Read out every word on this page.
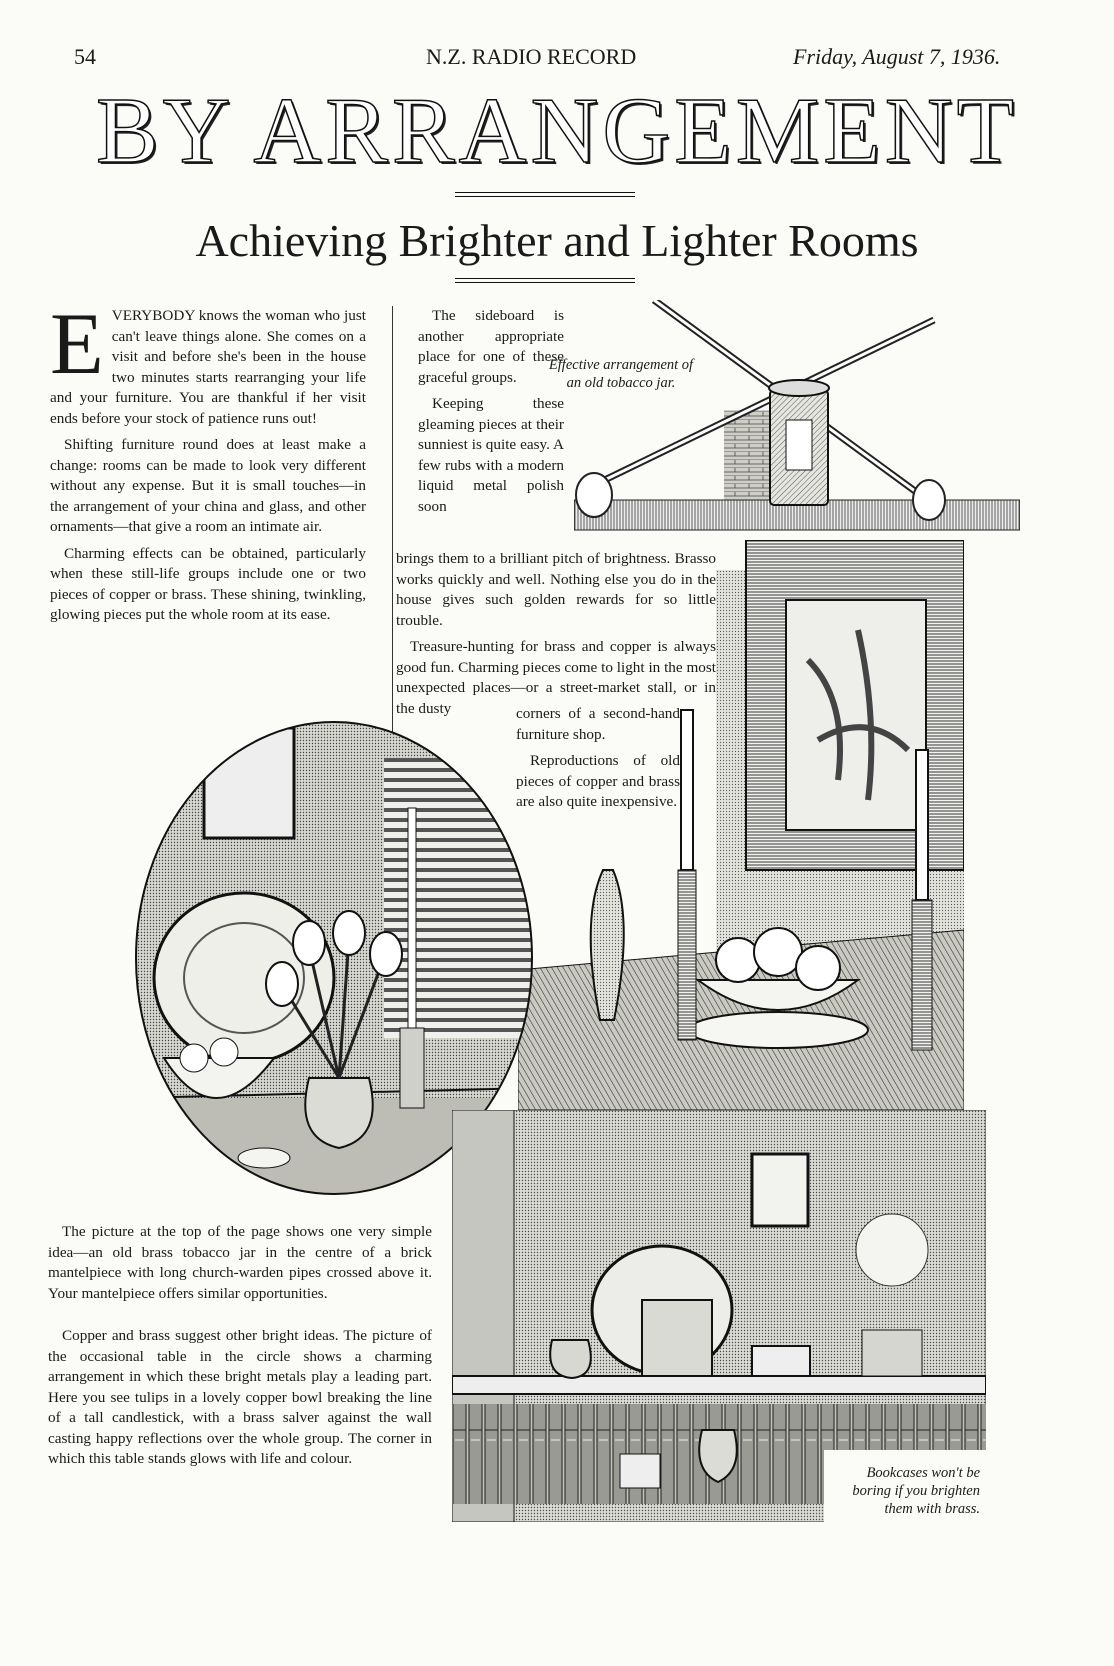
54	N.Z. RADIO RECORD	Friday, August 7, 1936.
BY ARRANGEMENT
Achieving Brighter and Lighter Rooms
E VERYBODY knows the woman who just can't leave things alone. She comes on a visit and before she's been in the house two minutes starts rearranging your life and your furniture. You are thankful if her visit ends before your stock of patience runs out!

Shifting furniture round does at least make a change: rooms can be made to look very different without any expense. But it is small touches—in the arrangement of your china and glass, and other ornaments—that give a room an intimate air.

Charming effects can be obtained, particularly when these still-life groups include one or two pieces of copper or brass. These shining, twinkling, glowing pieces put the whole room at its ease.

The sideboard is another appropriate place for one of these graceful groups.

Keeping these gleaming pieces at their sunniest is quite easy. A few rubs with a modern liquid metal polish soon

Effective arrangement of an old tobacco jar.

brings them to a brilliant pitch of brightness. Brasso works quickly and well. Nothing else you do in the house gives such golden rewards for so little trouble.

Treasure-hunting for brass and copper is always good fun. Charming pieces come to light in the most unexpected places—or a street-market stall, or in the dusty	corners of a second-hand furniture shop.

Reproductions of old pieces of copper and brass are also quite inexpensive.

Bookcases won't be boring if you brighten them with brass.

The picture at the top of the page shows one very simple idea—an old brass tobacco jar in the centre of a brick mantelpiece with long church-warden pipes crossed above it. Your mantelpiece offers similar opportunities.

Copper and brass suggest other bright ideas. The picture of the occasional table in the circle shows a charming arrangement in which these bright metals play a leading part. Here you see tulips in a lovely copper bowl breaking the line of a tall candlestick, with a brass salver against the wall casting happy reflections over the whole group. The corner in which this table stands glows with life and colour.
